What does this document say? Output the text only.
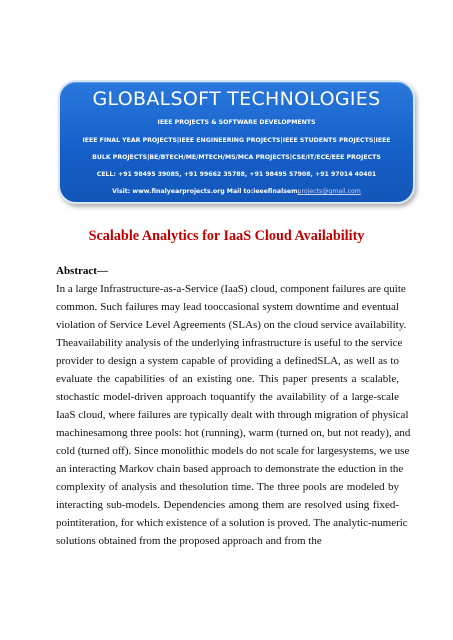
GLOBALSOFT TECHNOLOGIES
IEEE PROJECTS & SOFTWARE DEVELOPMENTS
IEEE FINAL YEAR PROJECTS|IEEE ENGINEERING PROJECTS|IEEE STUDENTS PROJECTS|IEEE
BULK PROJECTS|BE/BTECH/ME/MTECH/MS/MCA PROJECTS|CSE/IT/ECE/EEE PROJECTS
CELL: +91 98495 39085, +91 99662 35788, +91 98495 57908, +91 97014 40401
Visit: www.finalyearprojects.org Mail to:ieeefinalsemprojects@gmail.com
Scalable Analytics for IaaS Cloud Availability
Abstract—
In a large Infrastructure-as-a-Service (IaaS) cloud, component failures are quite
common. Such failures may lead tooccasional system downtime and eventual
violation of Service Level Agreements (SLAs) on the cloud service availability.
Theavailability analysis of the underlying infrastructure is useful to the service
provider to design a system capable of providing a definedSLA, as well as to
evaluate the capabilities of an existing one. This paper presents a scalable,
stochastic model-driven approach toquantify the availability of a large-scale
IaaS cloud, where failures are typically dealt with through migration of physical
machinesamong three pools: hot (running), warm (turned on, but not ready), and
cold (turned off). Since monolithic models do not scale for largesystems, we use
an interacting Markov chain based approach to demonstrate the eduction in the
complexity of analysis and thesolution time. The three pools are modeled by
interacting sub-models. Dependencies among them are resolved using fixed-
pointiteration, for which existence of a solution is proved. The analytic-numeric
solutions obtained from the proposed approach and from the
